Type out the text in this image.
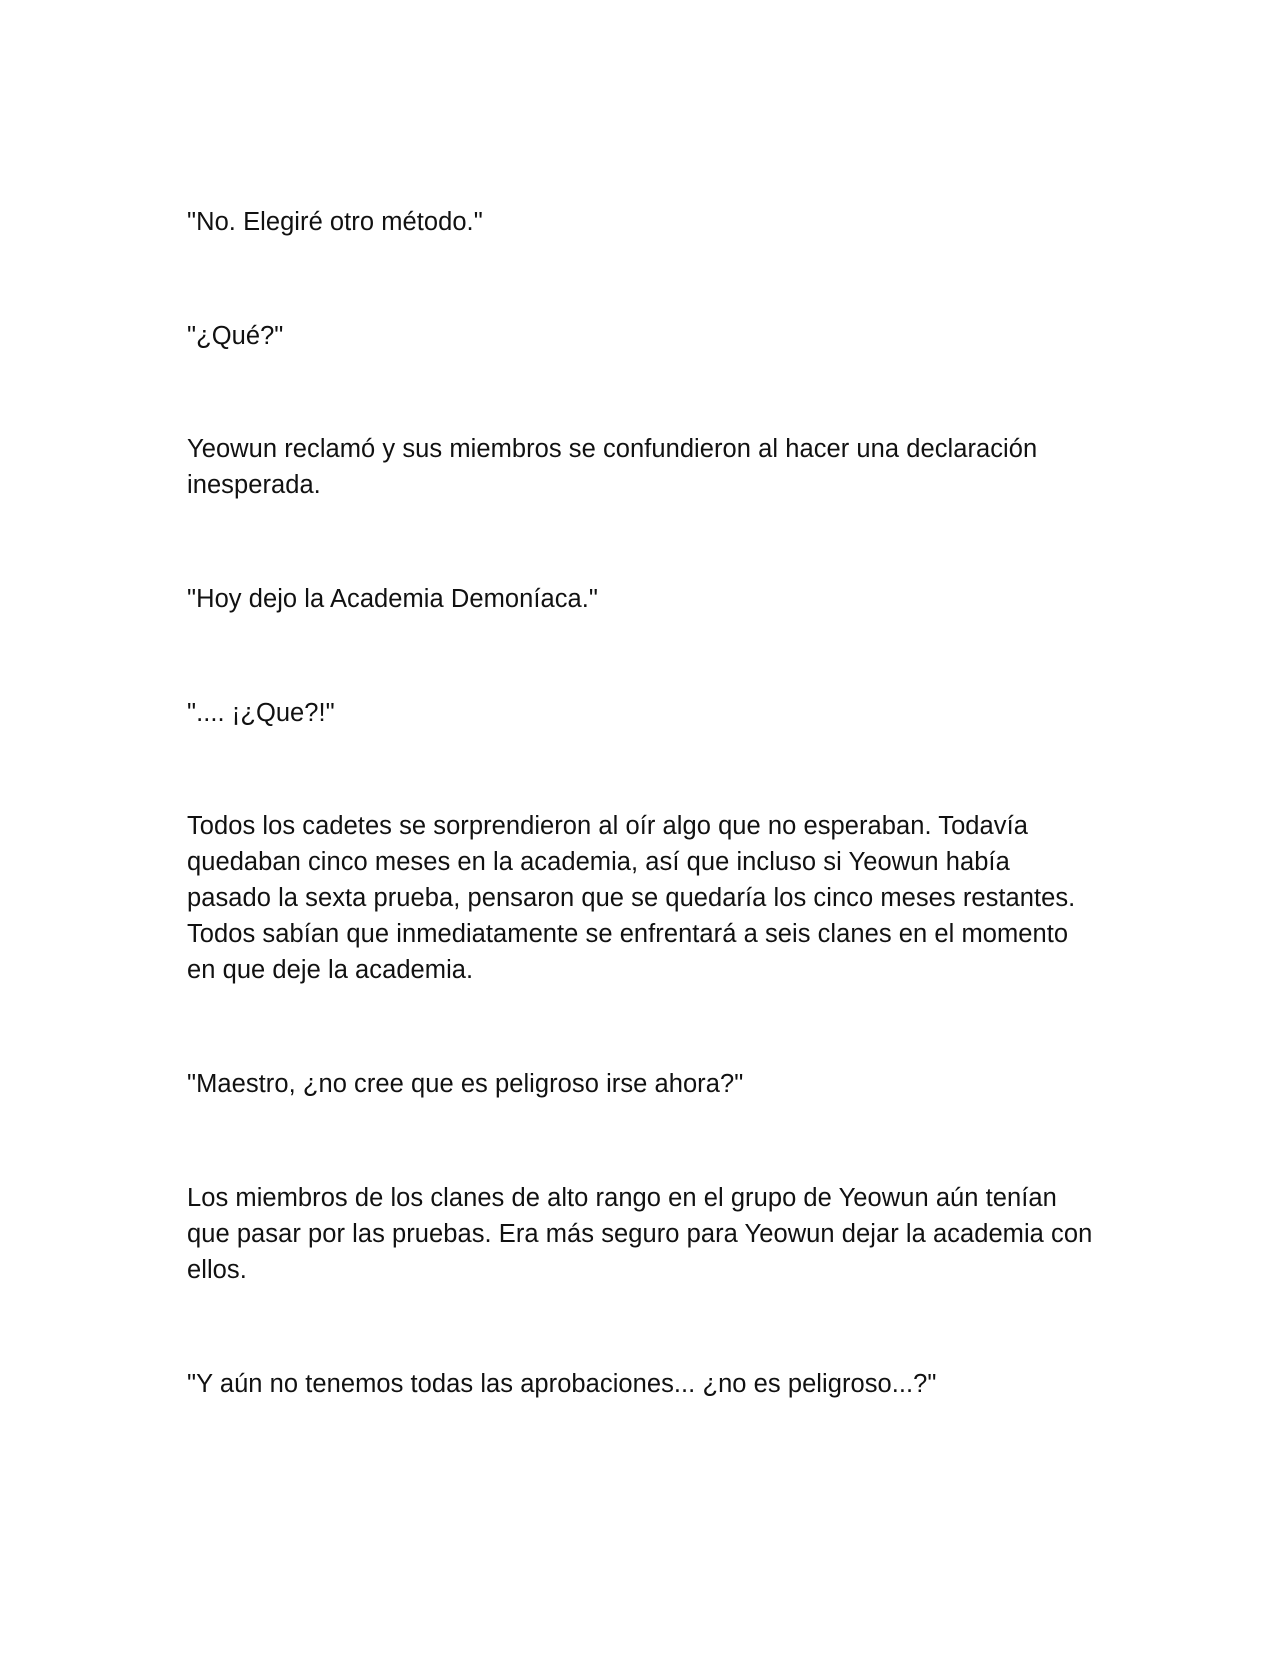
"No. Elegiré otro método."

"¿Qué?"

Yeowun reclamó y sus miembros se confundieron al hacer una declaración inesperada.

"Hoy dejo la Academia Demoníaca."

".... ¡¿Que?!"

Todos los cadetes se sorprendieron al oír algo que no esperaban. Todavía quedaban cinco meses en la academia, así que incluso si Yeowun había pasado la sexta prueba, pensaron que se quedaría los cinco meses restantes. Todos sabían que inmediatamente se enfrentará a seis clanes en el momento en que deje la academia.

"Maestro, ¿no cree que es peligroso irse ahora?"

Los miembros de los clanes de alto rango en el grupo de Yeowun aún tenían que pasar por las pruebas. Era más seguro para Yeowun dejar la academia con ellos.

"Y aún no tenemos todas las aprobaciones... ¿no es peligroso...?"
